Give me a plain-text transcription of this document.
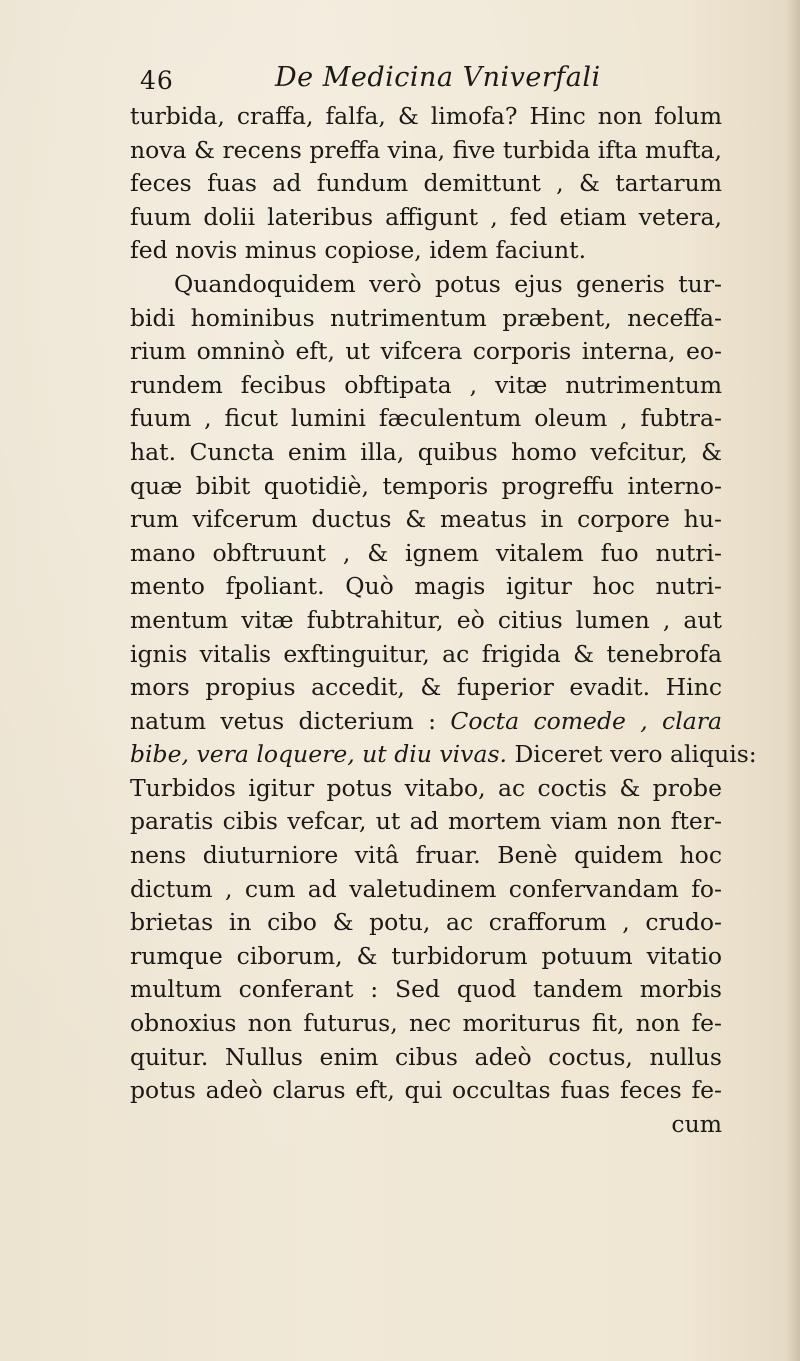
46	De Medicina Vniverfali
turbida, craffa, falfa, & limofa? Hinc non folum
nova & recens preffa vina, five turbida ifta mufta,
feces fuas ad fundum demittunt , & tartarum
fuum dolii lateribus affigunt , fed etiam vetera,
fed novis minus copiose, idem faciunt.
Quandoquidem verò potus ejus generis tur-
bidi hominibus nutrimentum præbent, neceffa-
rium omninò eft, ut vifcera corporis interna, eo-
rundem fecibus obftipata , vitæ nutrimentum
fuum , ficut lumini fæculentum oleum , fubtra-
hat. Cuncta enim illa, quibus homo vefcitur, &
quæ bibit quotidiè, temporis progreffu interno-
rum vifcerum ductus & meatus in corpore hu-
mano obftruunt , & ignem vitalem fuo nutri-
mento fpoliant. Quò magis igitur hoc nutri-
mentum vitæ fubtrahitur, eò citius lumen , aut
ignis vitalis exftinguitur, ac frigida & tenebrofa
mors propius accedit, & fuperior evadit. Hinc
natum vetus dicterium : Cocta comede , clara
bibe, vera loquere, ut diu vivas. Diceret vero aliquis:
Turbidos igitur potus vitabo, ac coctis & probe
paratis cibis vefcar, ut ad mortem viam non fter-
nens diuturniore vitâ fruar. Benè quidem hoc
dictum , cum ad valetudinem confervandam fo-
brietas in cibo & potu, ac crafforum , crudo-
rumque ciborum, & turbidorum potuum vitatio
multum conferant : Sed quod tandem morbis
obnoxius non futurus, nec moriturus fit, non fe-
quitur. Nullus enim cibus adeò coctus, nullus
potus adeò clarus eft, qui occultas fuas feces fe-
cum
